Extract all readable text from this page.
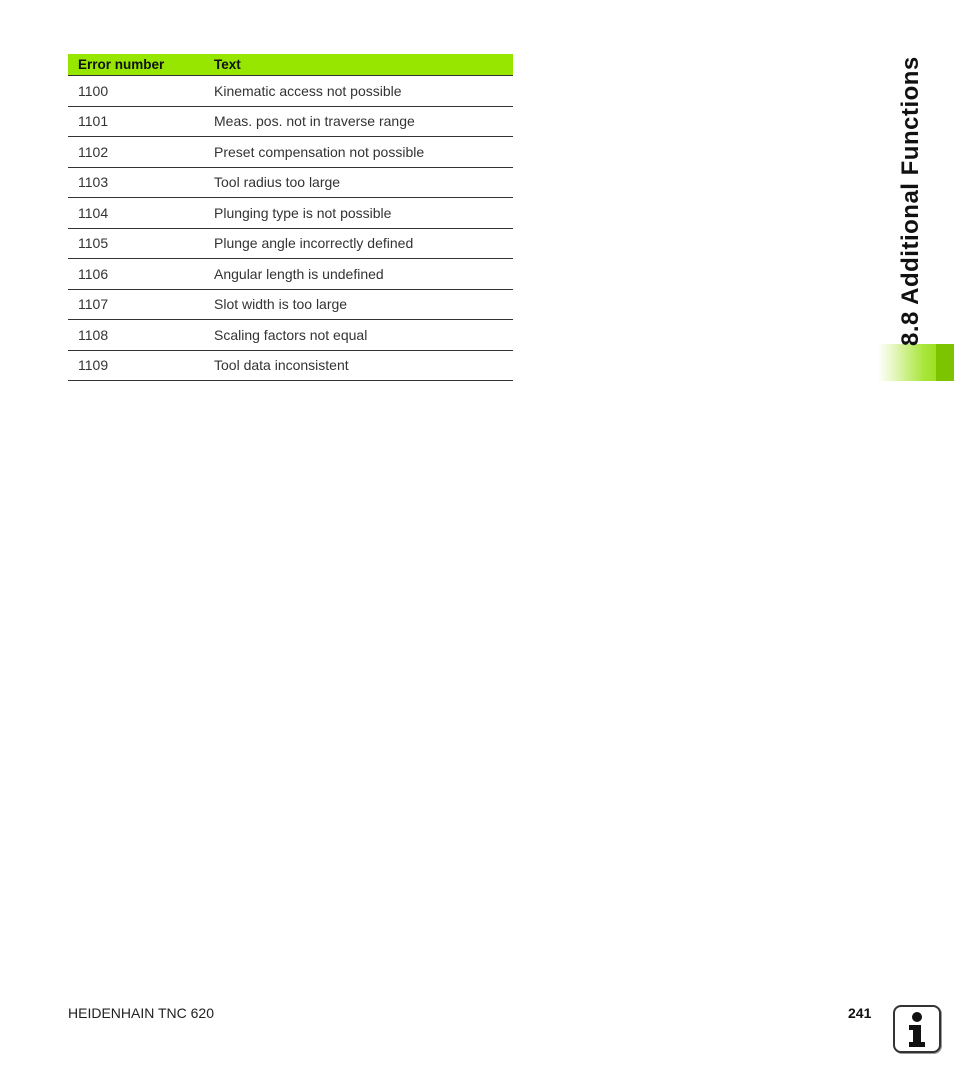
Error number	Text
1100	Kinematic access not possible
1101	Meas. pos. not in traverse range
1102	Preset compensation not possible
1103	Tool radius too large
1104	Plunging type is not possible
1105	Plunge angle incorrectly defined
1106	Angular length is undefined
1107	Slot width is too large
1108	Scaling factors not equal
1109	Tool data inconsistent
8.8 Additional Functions
HEIDENHAIN TNC 620	241
